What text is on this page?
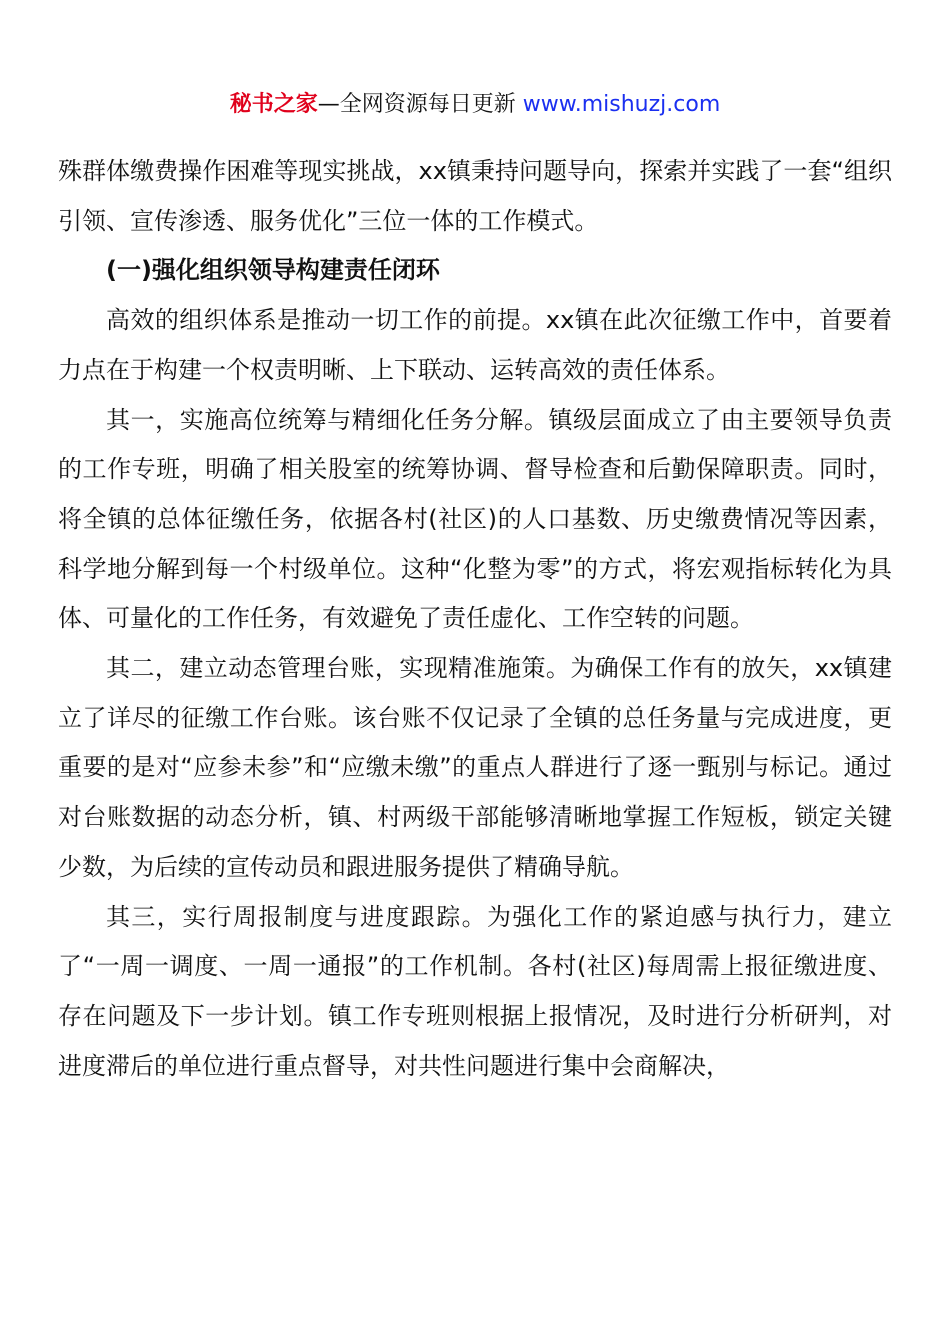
秘书之家—全网资源每日更新 www.mishuzj.com

殊群体缴费操作困难等现实挑战，xx镇秉持问题导向，探索并实践了一套“组织引领、宣传渗透、服务优化”三位一体的工作模式。

(一)强化组织领导构建责任闭环

高效的组织体系是推动一切工作的前提。xx镇在此次征缴工作中，首要着力点在于构建一个权责明晰、上下联动、运转高效的责任体系。

其一，实施高位统筹与精细化任务分解。镇级层面成立了由主要领导负责的工作专班，明确了相关股室的统筹协调、督导检查和后勤保障职责。同时，将全镇的总体征缴任务，依据各村(社区)的人口基数、历史缴费情况等因素，科学地分解到每一个村级单位。这种“化整为零”的方式，将宏观指标转化为具体、可量化的工作任务，有效避免了责任虚化、工作空转的问题。

其二，建立动态管理台账，实现精准施策。为确保工作有的放矢，xx镇建立了详尽的征缴工作台账。该台账不仅记录了全镇的总任务量与完成进度，更重要的是对“应参未参”和“应缴未缴”的重点人群进行了逐一甄别与标记。通过对台账数据的动态分析，镇、村两级干部能够清晰地掌握工作短板，锁定关键少数，为后续的宣传动员和跟进服务提供了精确导航。

其三，实行周报制度与进度跟踪。为强化工作的紧迫感与执行力，建立了“一周一调度、一周一通报”的工作机制。各村(社区)每周需上报征缴进度、存在问题及下一步计划。镇工作专班则根据上报情况，及时进行分析研判，对进度滞后的单位进行重点督导，对共性问题进行集中会商解决，
